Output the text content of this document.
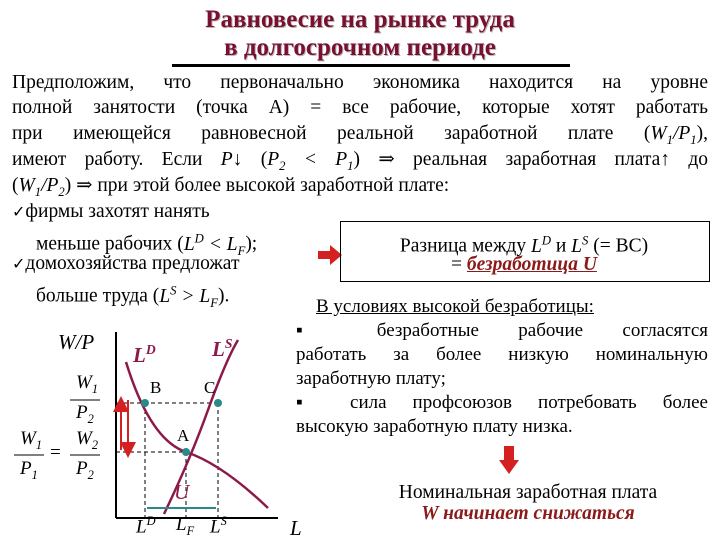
Равновесие на рынке труда
в долгосрочном периоде
Предположим, что первоначально экономика находится на уровне
полной занятости (точка А) = все рабочие, которые хотят работать
при имеющейся равновесной реальной заработной плате $(W_1/P_1)$,
имеют работу. Если P↓ $(P_2 < P_1)$ ⇒ реальная заработная плата↑ до
$(W_1/P_2)$ ⇒ при этой более высокой заработной плате:
✓фирмы захотят нанять
меньше рабочих $(L^D < L_F)$;
✓домохозяйства предложат
больше труда $(L^S > L_F)$.
Разница между $L^D$ и $L^S$ (= ВС)
= безработица U
В условиях высокой безработицы:
▪ безработные рабочие согласятся
работать за более низкую номинальную
заработную плату;
▪ сила профсоюзов потребовать более
высокую заработную плату низка.
Номинальная заработная плата
W начинает снижаться
W/P
L
$L^D$	$L^S$
B	C
A
U
$L^D$ $L_F$ $L^S$
$W_1$
$P_2$
$W_1$
$P_1$
=
$W_2$
$P_2$
